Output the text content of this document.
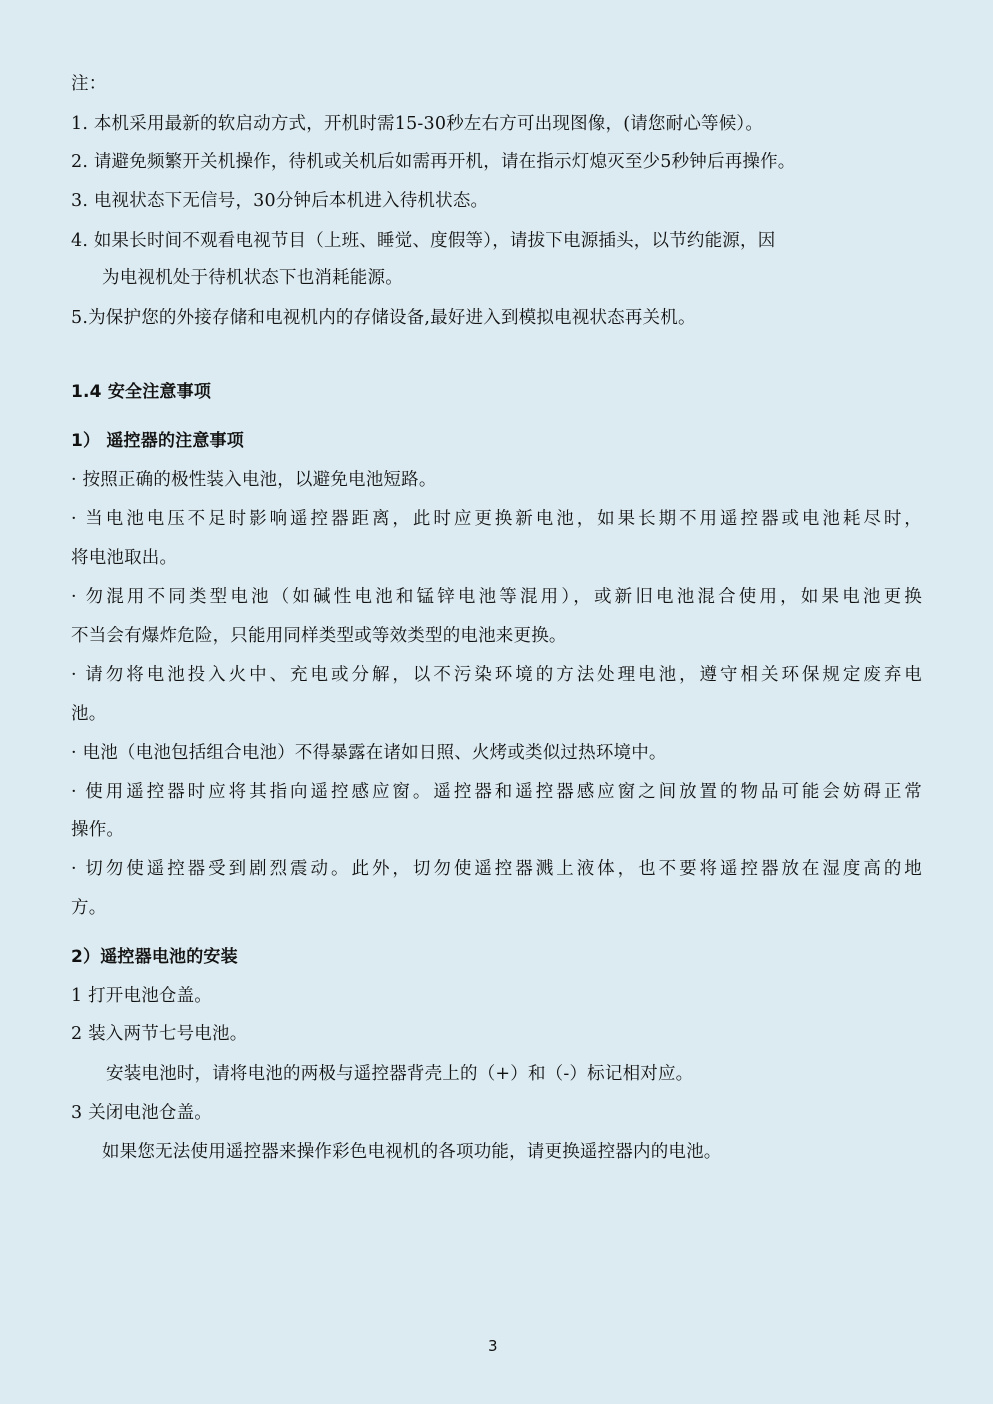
注：
1. 本机采用最新的软启动方式，开机时需15-30秒左右方可出现图像，(请您耐心等候）。
2. 请避免频繁开关机操作，待机或关机后如需再开机，请在指示灯熄灭至少5秒钟后再操作。
3. 电视状态下无信号，30分钟后本机进入待机状态。
4. 如果长时间不观看电视节目（上班、睡觉、度假等），请拔下电源插头，以节约能源，因
为电视机处于待机状态下也消耗能源。
5.为保护您的外接存储和电视机内的存储设备,最好进入到模拟电视状态再关机。
1.4 安全注意事项
1） 遥控器的注意事项
· 按照正确的极性装入电池，以避免电池短路。
· 当电池电压不足时影响遥控器距离，此时应更换新电池，如果长期不用遥控器或电池耗尽时，
将电池取出。
· 勿混用不同类型电池（如碱性电池和锰锌电池等混用），或新旧电池混合使用，如果电池更换
不当会有爆炸危险，只能用同样类型或等效类型的电池来更换。
· 请勿将电池投入火中、充电或分解，以不污染环境的方法处理电池，遵守相关环保规定废弃电
池。
· 电池（电池包括组合电池）不得暴露在诸如日照、火烤或类似过热环境中。
· 使用遥控器时应将其指向遥控感应窗。遥控器和遥控器感应窗之间放置的物品可能会妨碍正常
操作。
· 切勿使遥控器受到剧烈震动。此外，切勿使遥控器溅上液体，也不要将遥控器放在湿度高的地
方。
2）遥控器电池的安装
1 打开电池仓盖。
2 装入两节七号电池。
安装电池时，请将电池的两极与遥控器背壳上的（+）和（-）标记相对应。
3 关闭电池仓盖。
如果您无法使用遥控器来操作彩色电视机的各项功能，请更换遥控器内的电池。
3
